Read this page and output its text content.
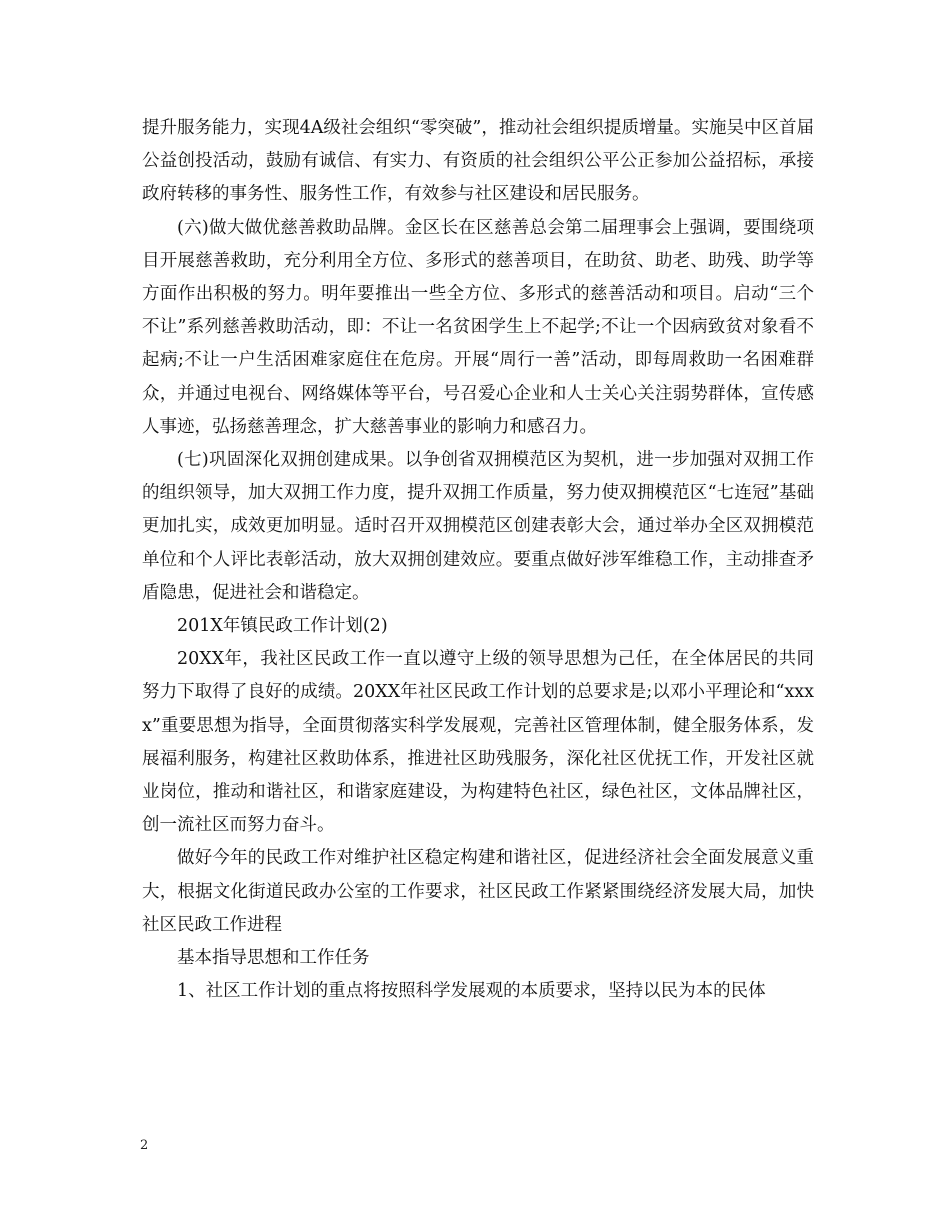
提升服务能力，实现4A级社会组织“零突破”，推动社会组织提质增量。实施吴中区首届公益创投活动，鼓励有诚信、有实力、有资质的社会组织公平公正参加公益招标，承接政府转移的事务性、服务性工作，有效参与社区建设和居民服务。

(六)做大做优慈善救助品牌。金区长在区慈善总会第二届理事会上强调，要围绕项目开展慈善救助，充分利用全方位、多形式的慈善项目，在助贫、助老、助残、助学等方面作出积极的努力。明年要推出一些全方位、多形式的慈善活动和项目。启动“三个不让”系列慈善救助活动，即：不让一名贫困学生上不起学;不让一个因病致贫对象看不起病;不让一户生活困难家庭住在危房。开展“周行一善”活动，即每周救助一名困难群众，并通过电视台、网络媒体等平台，号召爱心企业和人士关心关注弱势群体，宣传感人事迹，弘扬慈善理念，扩大慈善事业的影响力和感召力。

(七)巩固深化双拥创建成果。以争创省双拥模范区为契机，进一步加强对双拥工作的组织领导，加大双拥工作力度，提升双拥工作质量，努力使双拥模范区“七连冠”基础更加扎实，成效更加明显。适时召开双拥模范区创建表彰大会，通过举办全区双拥模范单位和个人评比表彰活动，放大双拥创建效应。要重点做好涉军维稳工作，主动排查矛盾隐患，促进社会和谐稳定。

201X年镇民政工作计划(2)

20XX年，我社区民政工作一直以遵守上级的领导思想为己任，在全体居民的共同努力下取得了良好的成绩。20XX年社区民政工作计划的总要求是;以邓小平理论和“xxxx”重要思想为指导，全面贯彻落实科学发展观，完善社区管理体制，健全服务体系，发展福利服务，构建社区救助体系，推进社区助残服务，深化社区优抚工作，开发社区就业岗位，推动和谐社区，和谐家庭建设，为构建特色社区，绿色社区，文体品牌社区，创一流社区而努力奋斗。

做好今年的民政工作对维护社区稳定构建和谐社区，促进经济社会全面发展意义重大，根据文化街道民政办公室的工作要求，社区民政工作紧紧围绕经济发展大局，加快社区民政工作进程

基本指导思想和工作任务

1、社区工作计划的重点将按照科学发展观的本质要求，坚持以民为本的民体

2
